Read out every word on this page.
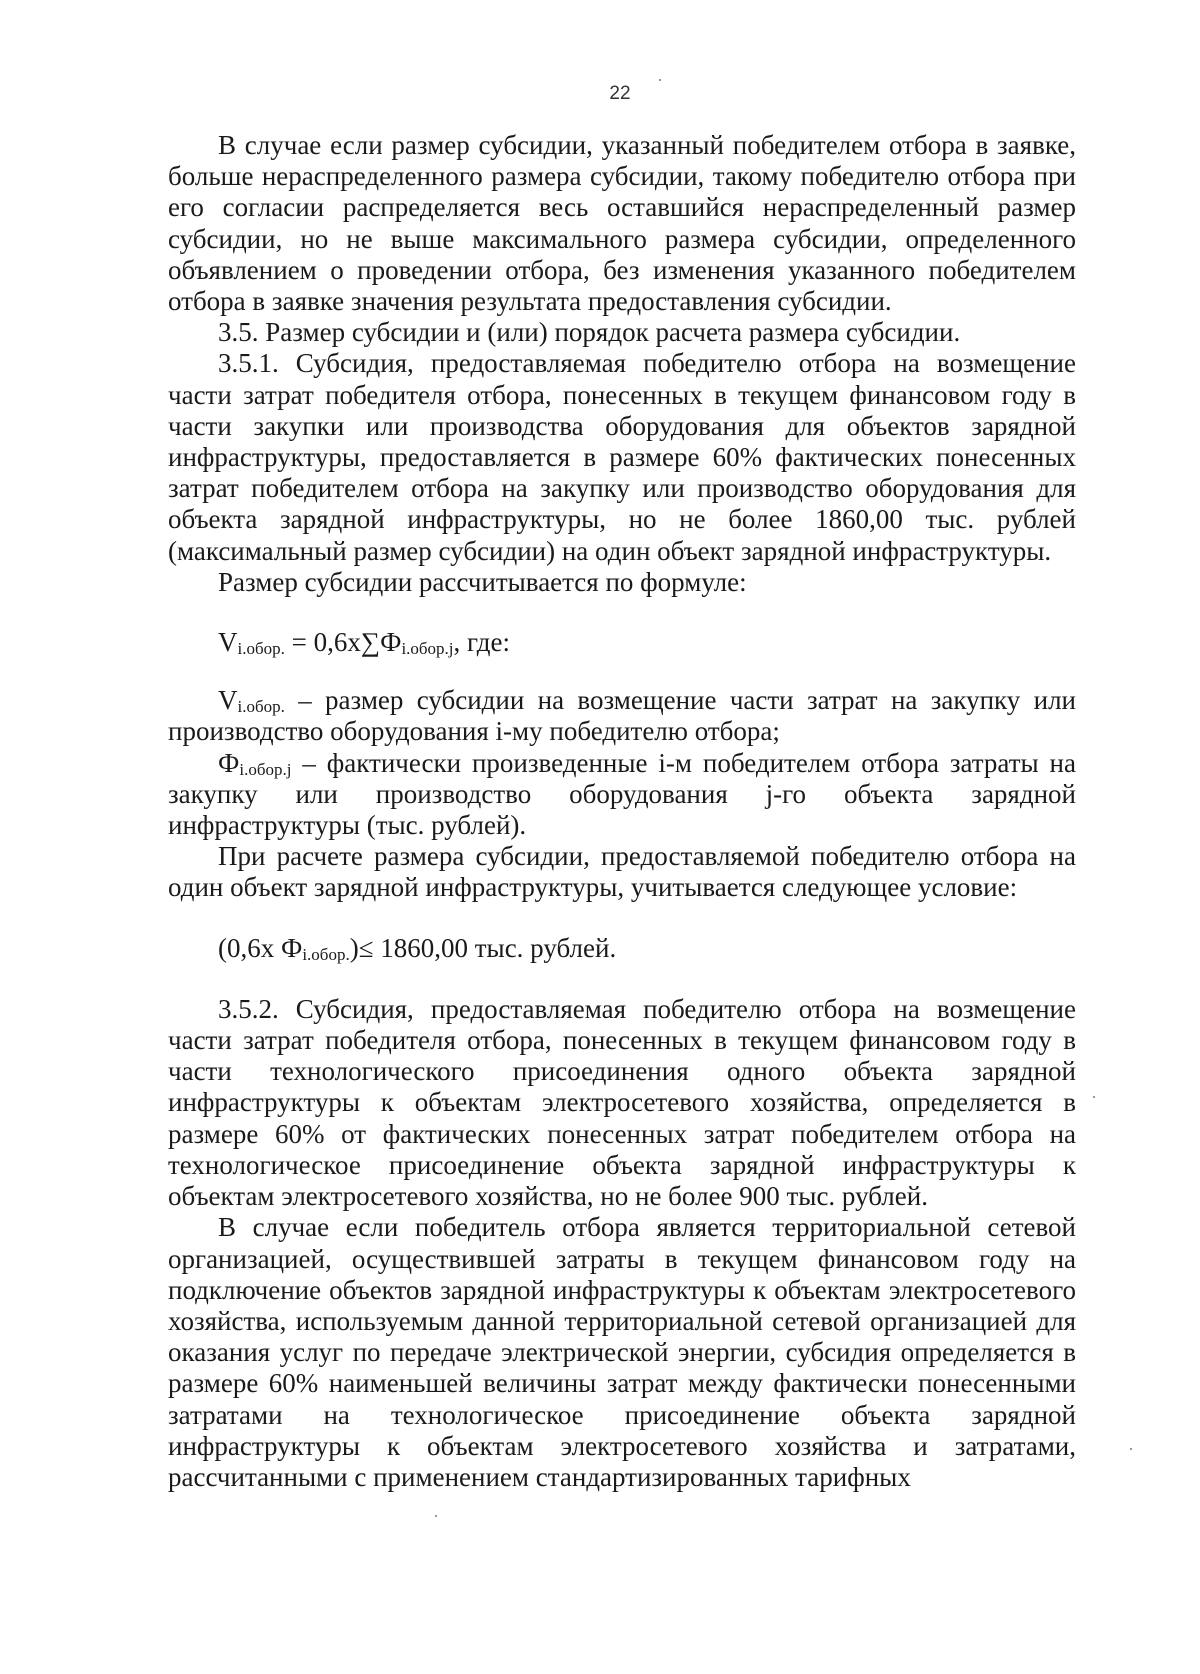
22

В случае если размер субсидии, указанный победителем отбора в заявке, больше нераспределенного размера субсидии, такому победителю отбора при его согласии распределяется весь оставшийся нераспределенный размер субсидии, но не выше максимального размера субсидии, определенного объявлением о проведении отбора, без изменения указанного победителем отбора в заявке значения результата предоставления субсидии.

3.5. Размер субсидии и (или) порядок расчета размера субсидии.

3.5.1. Субсидия, предоставляемая победителю отбора на возмещение части затрат победителя отбора, понесенных в текущем финансовом году в части закупки или производства оборудования для объектов зарядной инфраструктуры, предоставляется в размере 60% фактических понесенных затрат победителем отбора на закупку или производство оборудования для объекта зарядной инфраструктуры, но не более 1860,00 тыс. рублей (максимальный размер субсидии) на один объект зарядной инфраструктуры.

Размер субсидии рассчитывается по формуле:

$V_{i.обор.} = 0,6х\sum Ф_{i.обор.j}$, где:

$V_{i.обор.}$ – размер субсидии на возмещение части затрат на закупку или производство оборудования i-му победителю отбора;

$Ф_{i.обор.j}$ – фактически произведенные i-м победителем отбора затраты на закупку или производство оборудования j-го объекта зарядной инфраструктуры (тыс. рублей).

При расчете размера субсидии, предоставляемой победителю отбора на один объект зарядной инфраструктуры, учитывается следующее условие:

(0,6х $Ф_{i.обор.})\le 1860,00$ тыс. рублей.

3.5.2. Субсидия, предоставляемая победителю отбора на возмещение части затрат победителя отбора, понесенных в текущем финансовом году в части технологического присоединения одного объекта зарядной инфраструктуры к объектам электросетевого хозяйства, определяется в размере 60% от фактических понесенных затрат победителем отбора на технологическое присоединение объекта зарядной инфраструктуры к объектам электросетевого хозяйства, но не более 900 тыс. рублей.

В случае если победитель отбора является территориальной сетевой организацией, осуществившей затраты в текущем финансовом году на подключение объектов зарядной инфраструктуры к объектам электросетевого хозяйства, используемым данной территориальной сетевой организацией для оказания услуг по передаче электрической энергии, субсидия определяется в размере 60% наименьшей величины затрат между фактически понесенными затратами на технологическое присоединение объекта зарядной инфраструктуры к объектам электросетевого хозяйства и затратами, рассчитанными с применением стандартизированных тарифных
